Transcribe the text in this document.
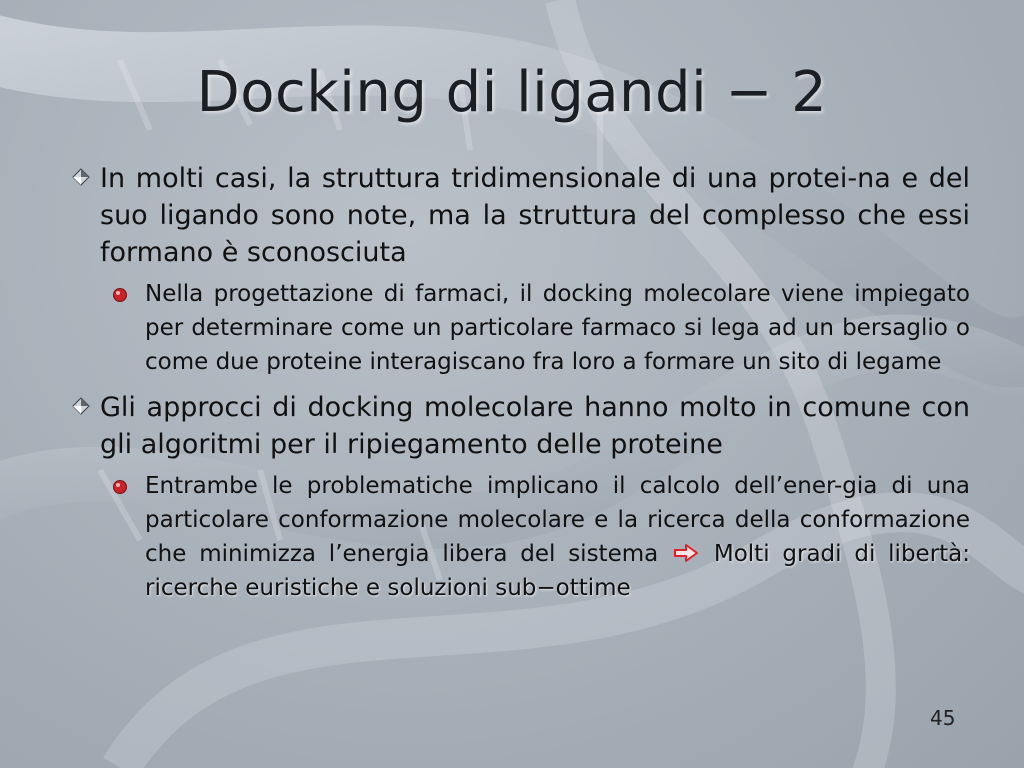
Docking di ligandi − 2
In molti casi, la struttura tridimensionale di una protei-na e del suo ligando sono note, ma la struttura del complesso che essi formano è sconosciuta
Nella progettazione di farmaci, il docking molecolare viene impiegato per determinare come un particolare farmaco si lega ad un bersaglio o come due proteine interagiscano fra loro a formare un sito di legame
Gli approcci di docking molecolare hanno molto in comune con gli algoritmi per il ripiegamento delle proteine
Entrambe le problematiche implicano il calcolo dell’ener-gia di una particolare conformazione molecolare e la ricerca della conformazione che minimizza l’energia libera del sistema Molti gradi di libertà: ricerche euristiche e soluzioni sub−ottime
45
